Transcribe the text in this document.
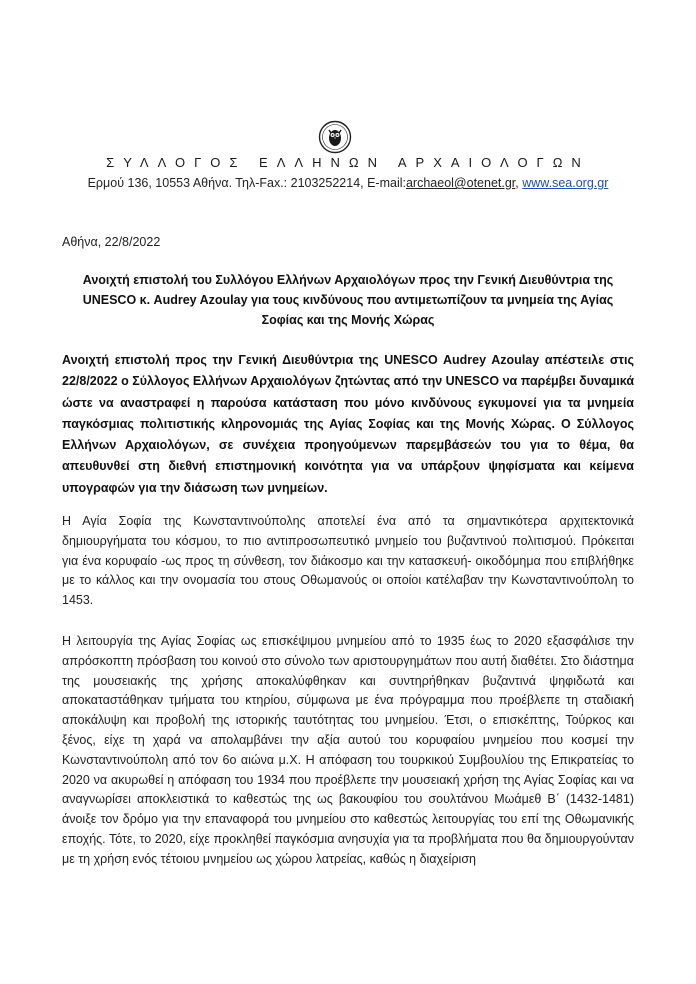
ΣΥΛΛΟΓΟΣ ΕΛΛΗΝΩΝ ΑΡΧΑΙΟΛΟΓΩΝ
Ερμού 136, 10553 Αθήνα. Τηλ-Fax.: 2103252214, E-mail:archaeol@otenet.gr, www.sea.org.gr
Αθήνα, 22/8/2022
Ανοιχτή επιστολή του Συλλόγου Ελλήνων Αρχαιολόγων προς την Γενική Διευθύντρια της UNESCO κ. Audrey Azoulay για τους κινδύνους που αντιμετωπίζουν τα μνημεία της Αγίας Σοφίας και της Μονής Χώρας
Ανοιχτή επιστολή προς την Γενική Διευθύντρια της UNESCO Audrey Azoulay απέστειλε στις 22/8/2022 ο Σύλλογος Ελλήνων Αρχαιολόγων ζητώντας από την UNESCO να παρέμβει δυναμικά ώστε να αναστραφεί η παρούσα κατάσταση που μόνο κινδύνους εγκυμονεί για τα μνημεία παγκόσμιας πολιτιστικής κληρονομιάς της Αγίας Σοφίας και της Μονής Χώρας. Ο Σύλλογος Ελλήνων Αρχαιολόγων, σε συνέχεια προηγούμενων παρεμβάσεών του για το θέμα, θα απευθυνθεί στη διεθνή επιστημονική κοινότητα για να υπάρξουν ψηφίσματα και κείμενα υπογραφών για την διάσωση των μνημείων.
Η Αγία Σοφία της Κωνσταντινούπολης αποτελεί ένα από τα σημαντικότερα αρχιτεκτονικά δημιουργήματα του κόσμου, το πιο αντιπροσωπευτικό μνημείο του βυζαντινού πολιτισμού. Πρόκειται για ένα κορυφαίο -ως προς τη σύνθεση, τον διάκοσμο και την κατασκευή- οικοδόμημα που επιβλήθηκε με το κάλλος και την ονομασία του στους Οθωμανούς οι οποίοι κατέλαβαν την Κωνσταντινούπολη το 1453.
Η λειτουργία της Αγίας Σοφίας ως επισκέψιμου μνημείου από το 1935 έως το 2020 εξασφάλισε την απρόσκοπτη πρόσβαση του κοινού στο σύνολο των αριστουργημάτων που αυτή διαθέτει. Στο διάστημα της μουσειακής της χρήσης αποκαλύφθηκαν και συντηρήθηκαν βυζαντινά ψηφιδωτά και αποκαταστάθηκαν τμήματα του κτηρίου, σύμφωνα με ένα πρόγραμμα που προέβλεπε τη σταδιακή αποκάλυψη και προβολή της ιστορικής ταυτότητας του μνημείου. Έτσι, ο επισκέπτης, Τούρκος και ξένος, είχε τη χαρά να απολαμβάνει την αξία αυτού του κορυφαίου μνημείου που κοσμεί την Κωνσταντινούπολη από τον 6ο αιώνα μ.Χ. Η απόφαση του τουρκικού Συμβουλίου της Επικρατείας το 2020 να ακυρωθεί η απόφαση του 1934 που προέβλεπε την μουσειακή χρήση της Αγίας Σοφίας και να αναγνωρίσει αποκλειστικά το καθεστώς της ως βακουφίου του σουλτάνου Μωάμεθ Β΄ (1432-1481) άνοιξε τον δρόμο για την επαναφορά του μνημείου στο καθεστώς λειτουργίας του επί της Οθωμανικής εποχής. Τότε, το 2020, είχε προκληθεί παγκόσμια ανησυχία για τα προβλήματα που θα δημιουργούνταν με τη χρήση ενός τέτοιου μνημείου ως χώρου λατρείας, καθώς η διαχείριση
